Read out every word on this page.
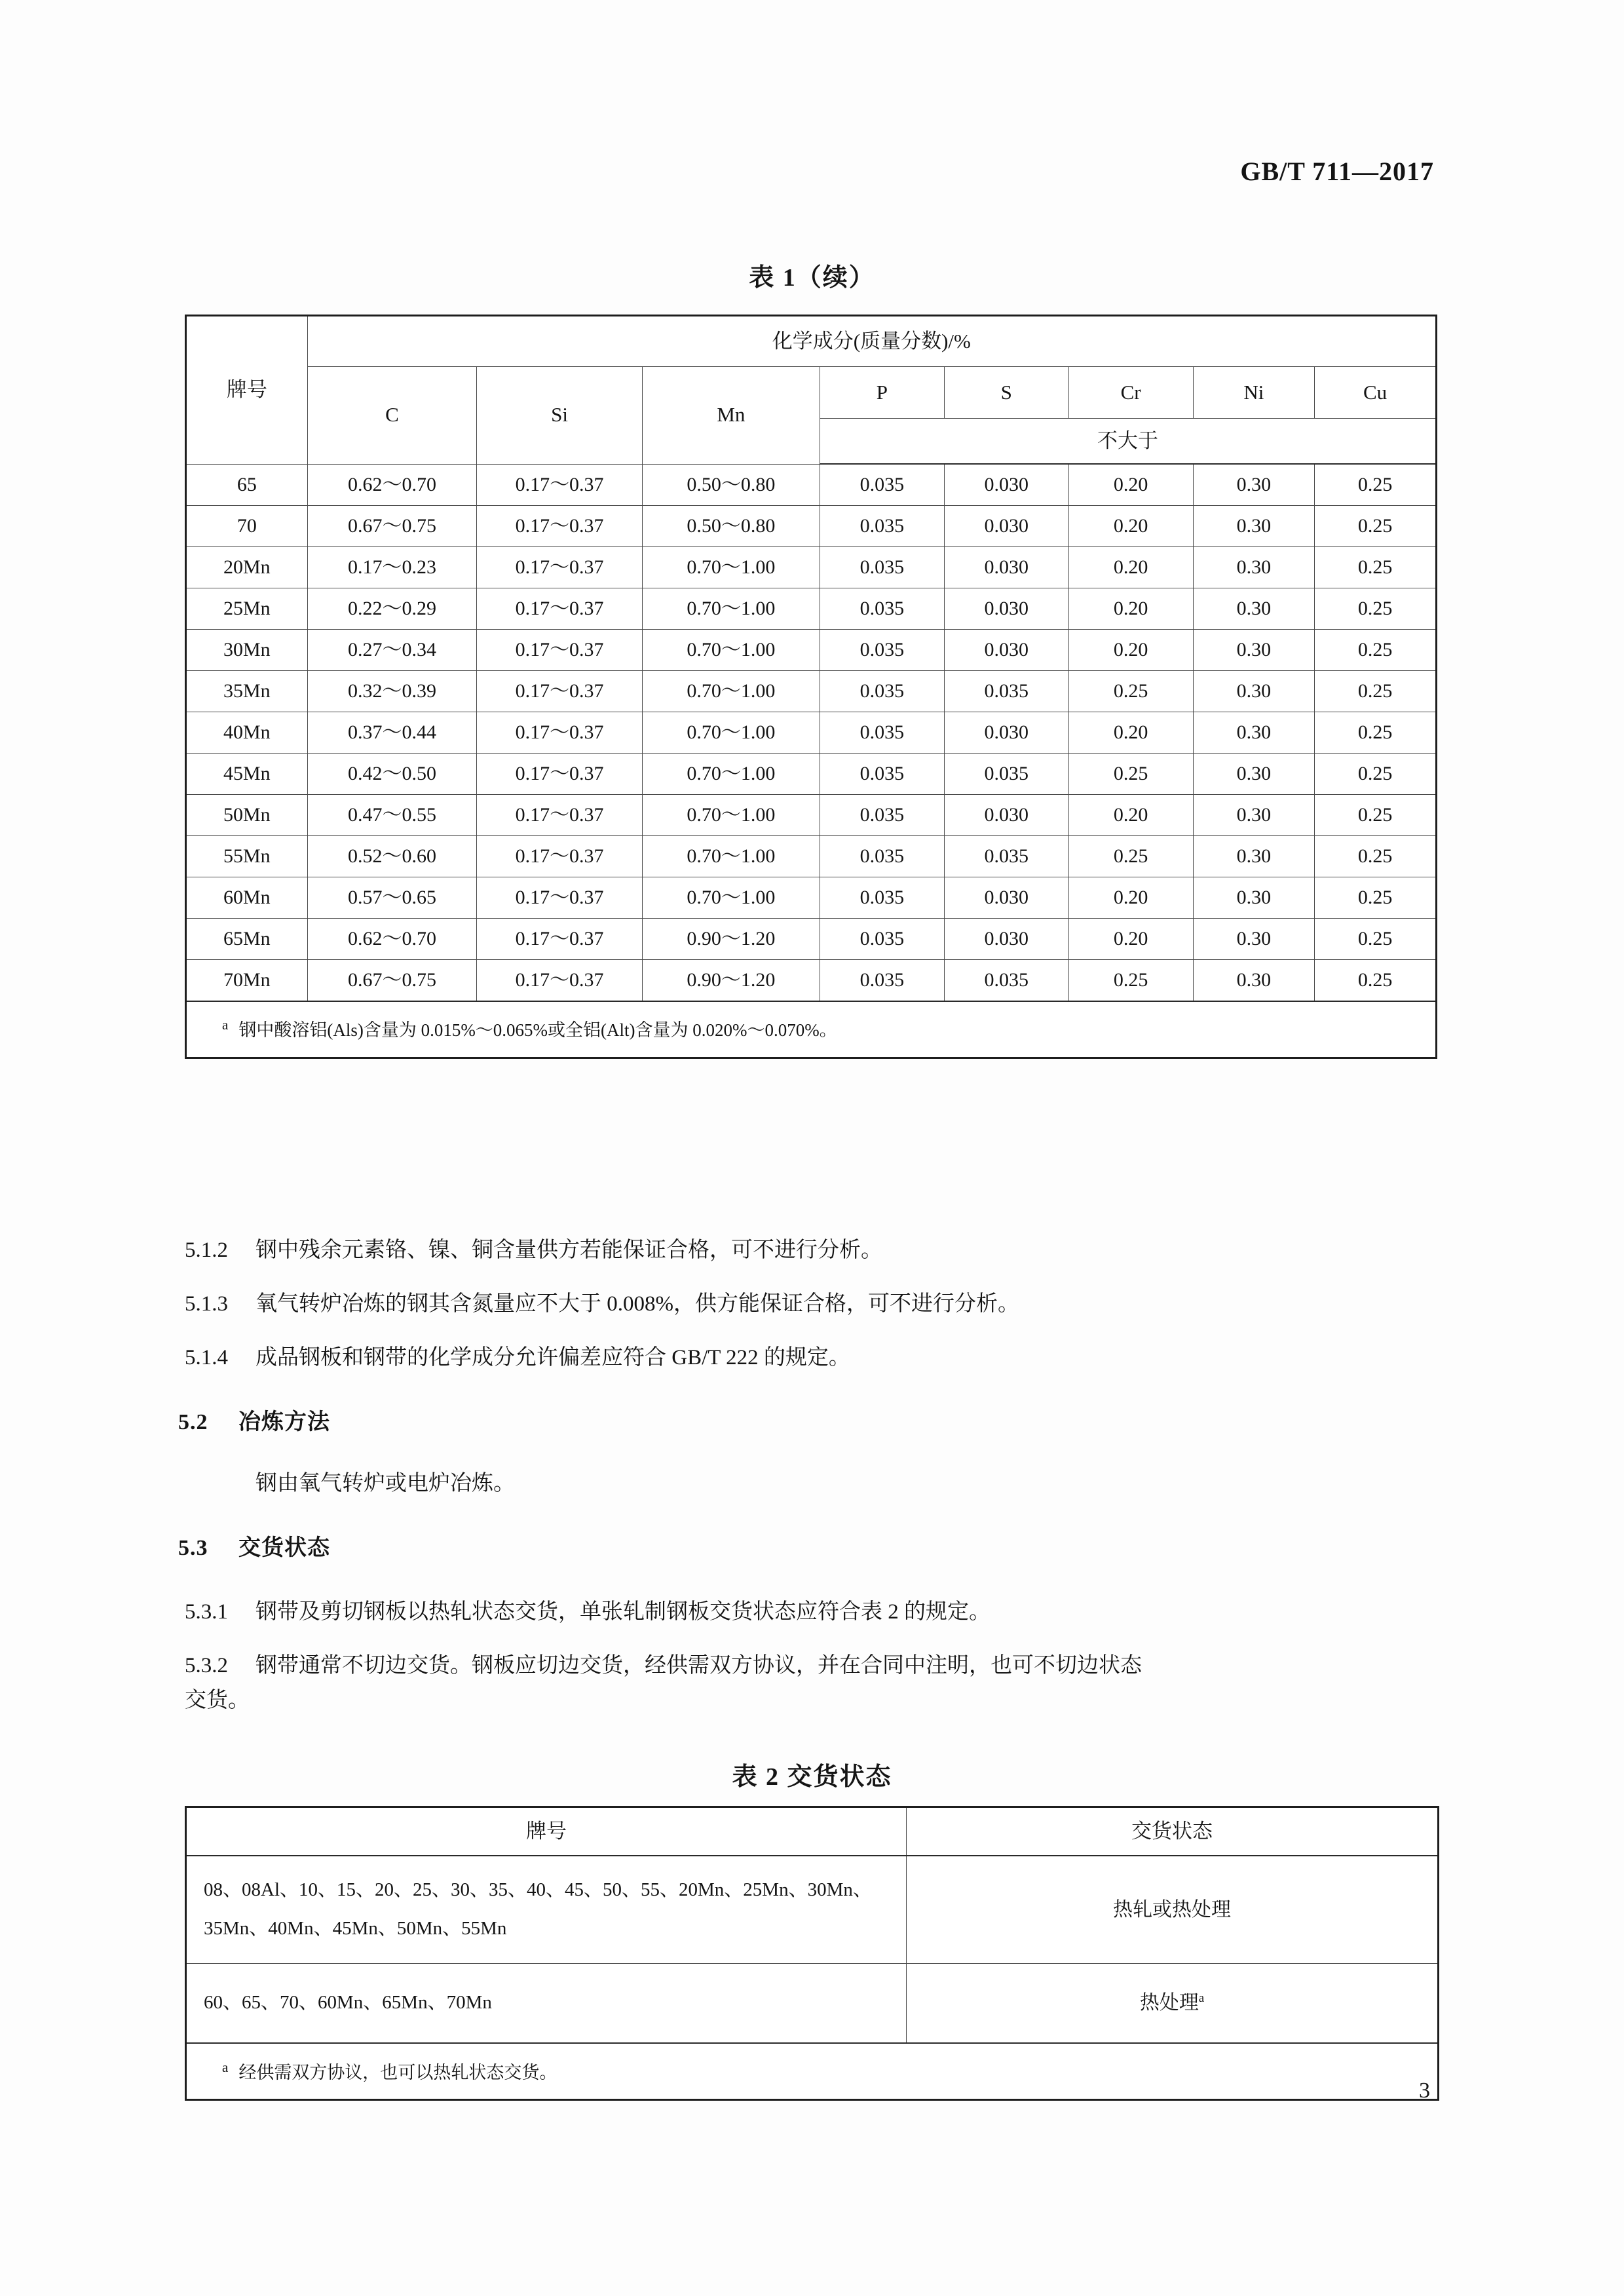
GB/T 711—2017
表 1（续）
牌号	化学成分(质量分数)/%							
	C	Si	Mn	P	S	Cr	Ni	Cu
				不大于				
65	0.62～0.70	0.17～0.37	0.50～0.80	0.035	0.030	0.20	0.30	0.25
70	0.67～0.75	0.17～0.37	0.50～0.80	0.035	0.030	0.20	0.30	0.25
20Mn	0.17～0.23	0.17～0.37	0.70～1.00	0.035	0.030	0.20	0.30	0.25
25Mn	0.22～0.29	0.17～0.37	0.70～1.00	0.035	0.030	0.20	0.30	0.25
30Mn	0.27～0.34	0.17～0.37	0.70～1.00	0.035	0.030	0.20	0.30	0.25
35Mn	0.32～0.39	0.17～0.37	0.70～1.00	0.035	0.035	0.25	0.30	0.25
40Mn	0.37～0.44	0.17～0.37	0.70～1.00	0.035	0.030	0.20	0.30	0.25
45Mn	0.42～0.50	0.17～0.37	0.70～1.00	0.035	0.035	0.25	0.30	0.25
50Mn	0.47～0.55	0.17～0.37	0.70～1.00	0.035	0.030	0.20	0.30	0.25
55Mn	0.52～0.60	0.17～0.37	0.70～1.00	0.035	0.035	0.25	0.30	0.25
60Mn	0.57～0.65	0.17～0.37	0.70～1.00	0.035	0.030	0.20	0.30	0.25
65Mn	0.62～0.70	0.17～0.37	0.90～1.20	0.035	0.030	0.20	0.30	0.25
70Mn	0.67～0.75	0.17～0.37	0.90～1.20	0.035	0.035	0.25	0.30	0.25
$^a$ 钢中酸溶铝(Als)含量为 0.015%～0.065%或全铝(Alt)含量为 0.020%～0.070%。								
5.1.2 钢中残余元素铬、镍、铜含量供方若能保证合格，可不进行分析。
5.1.3 氧气转炉冶炼的钢其含氮量应不大于 0.008%，供方能保证合格，可不进行分析。
5.1.4 成品钢板和钢带的化学成分允许偏差应符合 GB/T 222 的规定。
5.2 冶炼方法
钢由氧气转炉或电炉冶炼。
5.3 交货状态
5.3.1 钢带及剪切钢板以热轧状态交货，单张轧制钢板交货状态应符合表 2 的规定。
5.3.2 钢带通常不切边交货。钢板应切边交货，经供需双方协议，并在合同中注明，也可不切边状态
交货。
表 2 交货状态
牌号	交货状态

08、08Al、10、15、20、25、30、35、40、45、50、55、20Mn、25Mn、30Mn、
35Mn、40Mn、45Mn、50Mn、55Mn	热轧或热处理

60、65、70、60Mn、65Mn、70Mn	热处理$^a$
$^a$ 经供需双方协议，也可以热轧状态交货。	
3
